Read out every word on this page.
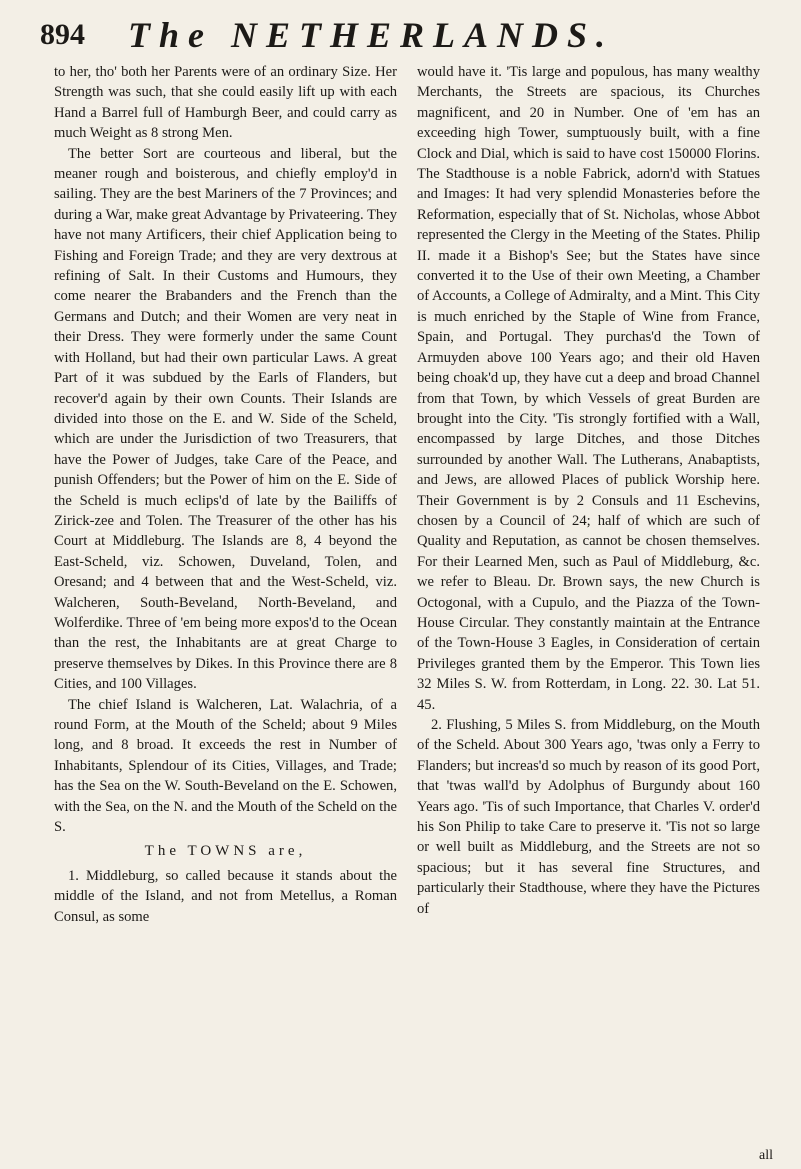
894 The NETHERLANDS.

to her, tho' both her Parents were of an ordinary Size. Her Strength was such, that she could easily lift up with each Hand a Barrel full of Hamburgh Beer, and could carry as much Weight as 8 strong Men.

The better Sort are courteous and liberal, but the meaner rough and boisterous, and chiefly employ'd in sailing. They are the best Mariners of the 7 Provinces; and during a War, make great Advantage by Privateering. They have not many Artificers, their chief Application being to Fishing and Foreign Trade; and they are very dextrous at refining of Salt. In their Customs and Humours, they come nearer the Brabanders and the French than the Germans and Dutch; and their Women are very neat in their Dress. They were formerly under the same Count with Holland, but had their own particular Laws. A great Part of it was subdued by the Earls of Flanders, but recover'd again by their own Counts. Their Islands are divided into those on the E. and W. Side of the Scheld, which are under the Jurisdiction of two Treasurers, that have the Power of Judges, take Care of the Peace, and punish Offenders; but the Power of him on the E. Side of the Scheld is much eclips'd of late by the Bailiffs of Zirick-zee and Tolen. The Treasurer of the other has his Court at Middleburg. The Islands are 8, 4 beyond the East-Scheld, viz. Schowen, Duveland, Tolen, and Oresand; and 4 between that and the West-Scheld, viz. Walcheren, South-Beveland, North-Beveland, and Wolferdike. Three of 'em being more expos'd to the Ocean than the rest, the Inhabitants are at great Charge to preserve themselves by Dikes. In this Province there are 8 Cities, and 100 Villages.

The chief Island is Walcheren, Lat. Walachria, of a round Form, at the Mouth of the Scheld; about 9 Miles long, and 8 broad. It exceeds the rest in Number of Inhabitants, Splendour of its Cities, Villages, and Trade; has the Sea on the W. South-Beveland on the E. Schowen, with the Sea, on the N. and the Mouth of the Scheld on the S.

The TOWNS are,

1. Middleburg, so called because it stands about the middle of the Island, and not from Metellus, a Roman Consul, as some

would have it. 'Tis large and populous, has many wealthy Merchants, the Streets are spacious, its Churches magnificent, and 20 in Number. One of 'em has an exceeding high Tower, sumptuously built, with a fine Clock and Dial, which is said to have cost 150000 Florins. The Stadthouse is a noble Fabrick, adorn'd with Statues and Images: It had very splendid Monasteries before the Reformation, especially that of St. Nicholas, whose Abbot represented the Clergy in the Meeting of the States. Philip II. made it a Bishop's See; but the States have since converted it to the Use of their own Meeting, a Chamber of Accounts, a College of Admiralty, and a Mint. This City is much enriched by the Staple of Wine from France, Spain, and Portugal. They purchas'd the Town of Armuyden above 100 Years ago; and their old Haven being choak'd up, they have cut a deep and broad Channel from that Town, by which Vessels of great Burden are brought into the City. 'Tis strongly fortified with a Wall, encompassed by large Ditches, and those Ditches surrounded by another Wall. The Lutherans, Anabaptists, and Jews, are allowed Places of publick Worship here. Their Government is by 2 Consuls and 11 Eschevins, chosen by a Council of 24; half of which are such of Quality and Reputation, as cannot be chosen themselves. For their Learned Men, such as Paul of Middleburg, &c. we refer to Bleau. Dr. Brown says, the new Church is Octogonal, with a Cupulo, and the Piazza of the Town-House Circular. They constantly maintain at the Entrance of the Town-House 3 Eagles, in Consideration of certain Privileges granted them by the Emperor. This Town lies 32 Miles S. W. from Rotterdam, in Long. 22. 30. Lat 51. 45.

2. Flushing, 5 Miles S. from Middleburg, on the Mouth of the Scheld. About 300 Years ago, 'twas only a Ferry to Flanders; but increas'd so much by reason of its good Port, that 'twas wall'd by Adolphus of Burgundy about 160 Years ago. 'Tis of such Importance, that Charles V. order'd his Son Philip to take Care to preserve it. 'Tis not so large or well built as Middleburg, and the Streets are not so spacious; but it has several fine Structures, and particularly their Stadthouse, where they have the Pictures of

all
